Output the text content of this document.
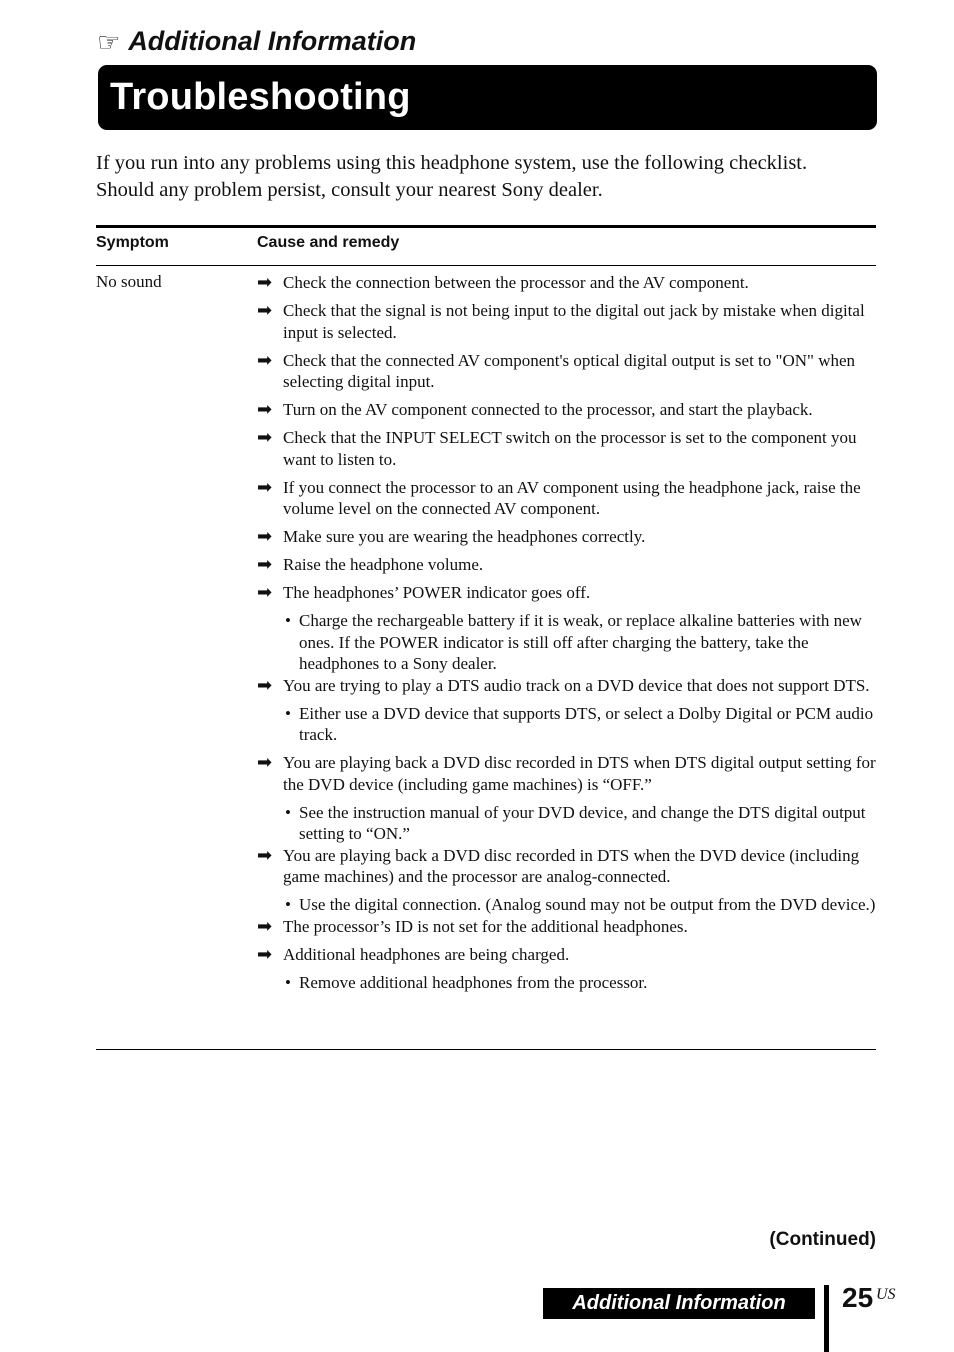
☞ Additional Information
Troubleshooting

If you run into any problems using this headphone system, use the following checklist. Should any problem persist, consult your nearest Sony dealer.

Symptom	Cause and remedy
No sound	➡ Check the connection between the processor and the AV component.
➡ Check that the signal is not being input to the digital out jack by mistake when digital input is selected.
➡ Check that the connected AV component's optical digital output is set to "ON" when selecting digital input.
➡ Turn on the AV component connected to the processor, and start the playback.
➡ Check that the INPUT SELECT switch on the processor is set to the component you want to listen to.
➡ If you connect the processor to an AV component using the headphone jack, raise the volume level on the connected AV component.
➡ Make sure you are wearing the headphones correctly.
➡ Raise the headphone volume.
➡ The headphones’ POWER indicator goes off.
• Charge the rechargeable battery if it is weak, or replace alkaline batteries with new ones. If the POWER indicator is still off after charging the battery, take the headphones to a Sony dealer.
➡ You are trying to play a DTS audio track on a DVD device that does not support DTS.
• Either use a DVD device that supports DTS, or select a Dolby Digital or PCM audio track.
➡ You are playing back a DVD disc recorded in DTS when DTS digital output setting for the DVD device (including game machines) is “OFF.”
• See the instruction manual of your DVD device, and change the DTS digital output setting to “ON.”
➡ You are playing back a DVD disc recorded in DTS when the DVD device (including game machines) and the processor are analog-connected.
• Use the digital connection. (Analog sound may not be output from the DVD device.)
➡ The processor’s ID is not set for the additional headphones.
➡ Additional headphones are being charged.
• Remove additional headphones from the processor.
(Continued)
Additional Information 25 US
